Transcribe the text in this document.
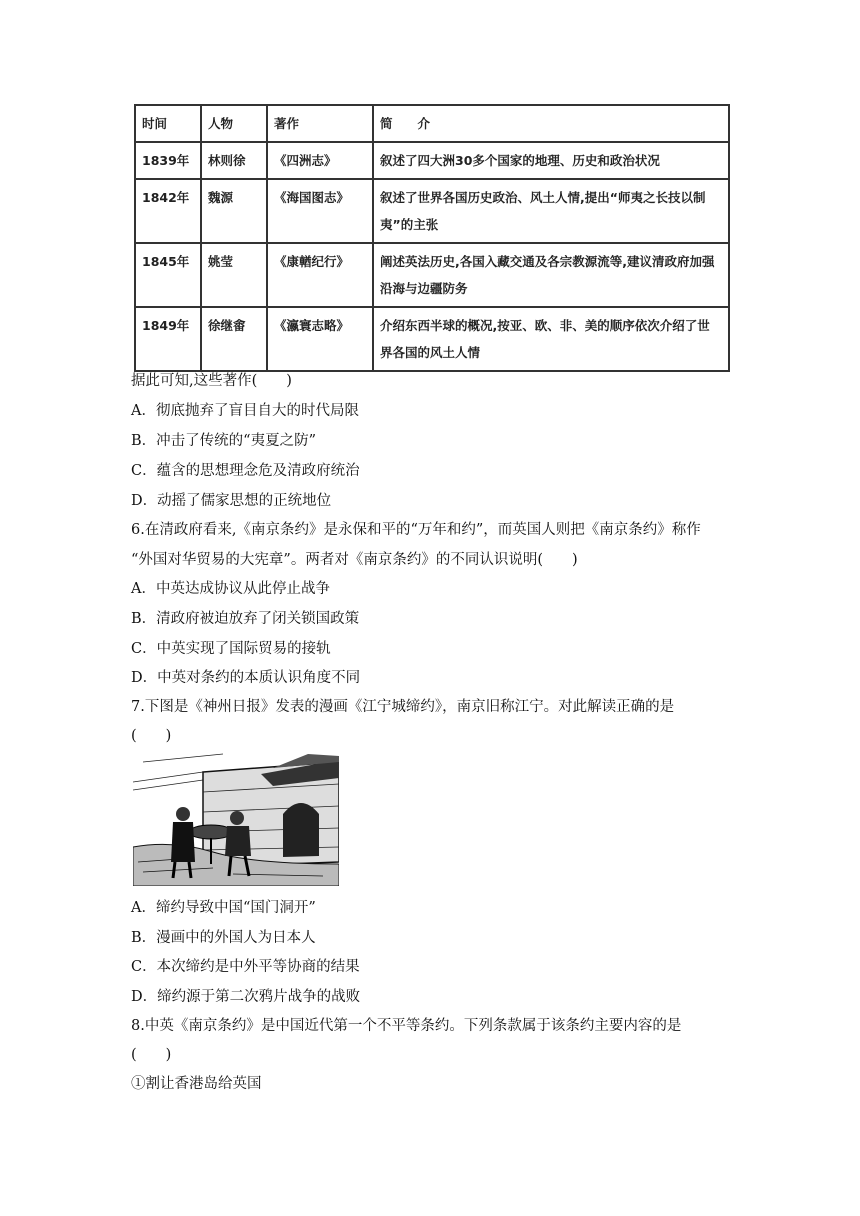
时间	人物	著作	简　　介
1839年	林则徐	《四洲志》	叙述了四大洲30多个国家的地理、历史和政治状况
1842年	魏源	《海国图志》	叙述了世界各国历史政治、风土人情,提出“师夷之长技以制夷”的主张
1845年	姚莹	《康輶纪行》	阐述英法历史,各国入藏交通及各宗教源流等,建议清政府加强沿海与边疆防务
1849年	徐继畬	《瀛寰志略》	介绍东西半球的概况,按亚、欧、非、美的顺序依次介绍了世界各国的风土人情
据此可知,这些著作(　　)
A．彻底抛弃了盲目自大的时代局限
B．冲击了传统的“夷夏之防”
C．蕴含的思想理念危及清政府统治
D．动摇了儒家思想的正统地位
6.在清政府看来,《南京条约》是永保和平的“万年和约”，而英国人则把《南京条约》称作
“外国对华贸易的大宪章”。两者对《南京条约》的不同认识说明(　　)
A．中英达成协议从此停止战争
B．清政府被迫放弃了闭关锁国政策
C．中英实现了国际贸易的接轨
D．中英对条约的本质认识角度不同
7.下图是《神州日报》发表的漫画《江宁城缔约》，南京旧称江宁。对此解读正确的是
(　　)
A．缔约导致中国“国门洞开”
B．漫画中的外国人为日本人
C．本次缔约是中外平等协商的结果
D．缔约源于第二次鸦片战争的战败
8.中英《南京条约》是中国近代第一个不平等条约。下列条款属于该条约主要内容的是
(　　)
①割让香港岛给英国
